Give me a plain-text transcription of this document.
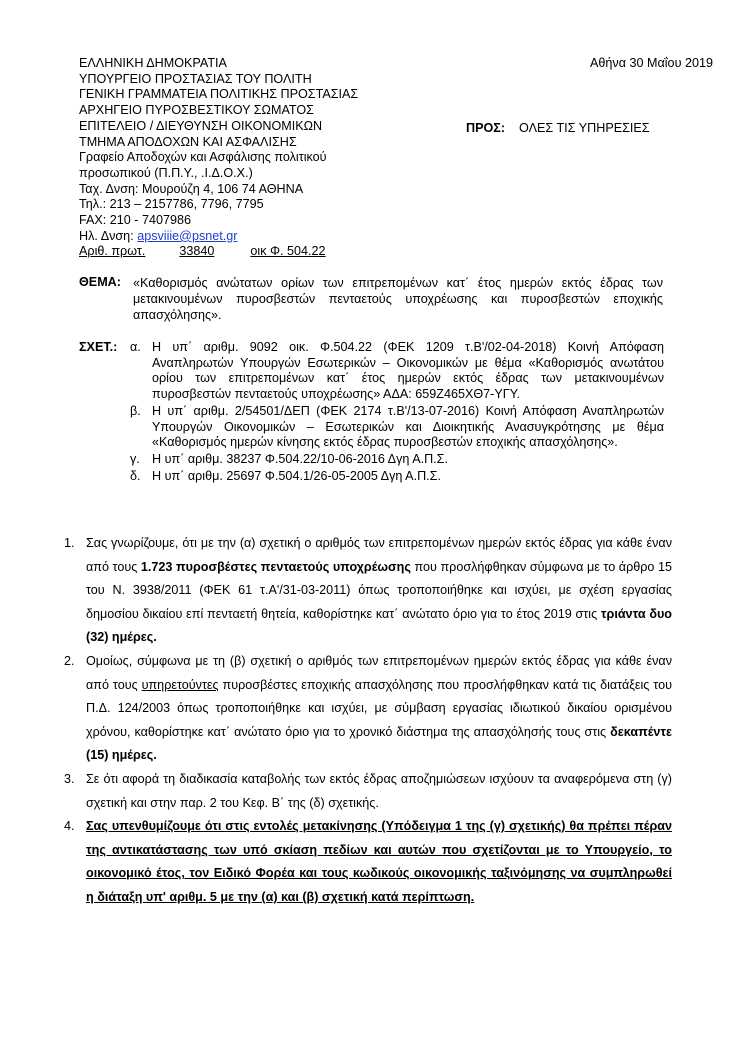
ΕΛΛΗΝΙΚΗ ΔΗΜΟΚΡΑΤΙΑ
ΥΠΟΥΡΓΕΙΟ ΠΡΟΣΤΑΣΙΑΣ ΤΟΥ ΠΟΛΙΤΗ
ΓΕΝΙΚΗ ΓΡΑΜΜΑΤΕΙΑ ΠΟΛΙΤΙΚΗΣ ΠΡΟΣΤΑΣΙΑΣ
ΑΡΧΗΓΕΙΟ ΠΥΡΟΣΒΕΣΤΙΚΟΥ ΣΩΜΑΤΟΣ
ΕΠΙΤΕΛΕΙΟ / ΔΙΕΥΘΥΝΣΗ ΟΙΚΟΝΟΜΙΚΩΝ
ΤΜΗΜΑ ΑΠΟΔΟΧΩΝ ΚΑΙ ΑΣΦΑΛΙΣΗΣ
Γραφείο Αποδοχών και Ασφάλισης πολιτικού
προσωπικού (Π.Π.Υ., .Ι.Δ.Ο.Χ.)
Ταχ. Δνση: Μουρούζη 4, 106 74 ΑΘΗΝΑ
Τηλ.: 213 – 2157786, 7796, 7795
FAX: 210 - 7407986
Ηλ. Δνση: apsviiie@psnet.gr
Αριθ. πρωτ.	33840	οικ Φ. 504.22
Αθήνα 30 Μαΐου 2019
ΠΡΟΣ: ΟΛΕΣ ΤΙΣ ΥΠΗΡΕΣΙΕΣ
ΘΕΜΑ: «Καθορισμός ανώτατων ορίων των επιτρεπομένων κατ΄ έτος ημερών εκτός έδρας των μετακινουμένων πυροσβεστών πενταετούς υποχρέωσης και πυροσβεστών εποχικής απασχόλησης».
ΣΧΕΤ.: α. Η υπ΄ αριθμ. 9092 οικ. Φ.504.22 (ΦΕΚ 1209 τ.Β'/02-04-2018) Κοινή Απόφαση Αναπληρωτών Υπουργών Εσωτερικών – Οικονομικών με θέμα «Καθορισμός ανωτάτου ορίου των επιτρεπομένων κατ΄ έτος ημερών εκτός έδρας των μετακινουμένων πυροσβεστών πενταετούς υποχρέωσης» ΑΔΑ: 659Ζ465ΧΘ7-ΥΓΥ.
β. Η υπ΄ αριθμ. 2/54501/ΔΕΠ (ΦΕΚ 2174 τ.Β'/13-07-2016) Κοινή Απόφαση Αναπληρωτών Υπουργών Οικονομικών – Εσωτερικών και Διοικητικής Ανασυγκρότησης με θέμα «Καθορισμός ημερών κίνησης εκτός έδρας πυροσβεστών εποχικής απασχόλησης».
γ. Η υπ΄ αριθμ. 38237 Φ.504.22/10-06-2016 Δγη Α.Π.Σ.
δ. Η υπ΄ αριθμ. 25697 Φ.504.1/26-05-2005 Δγη Α.Π.Σ.
1. Σας γνωρίζουμε, ότι με την (α) σχετική ο αριθμός των επιτρεπομένων ημερών εκτός έδρας για κάθε έναν από τους 1.723 πυροσβέστες πενταετούς υποχρέωσης που προσλήφθηκαν σύμφωνα με το άρθρο 15 του Ν. 3938/2011 (ΦΕΚ 61 τ.Α'/31-03-2011) όπως τροποποιήθηκε και ισχύει, με σχέση εργασίας δημοσίου δικαίου επί πενταετή θητεία, καθορίστηκε κατ΄ ανώτατο όριο για το έτος 2019 στις τριάντα δυο (32) ημέρες.
2. Ομοίως, σύμφωνα με τη (β) σχετική ο αριθμός των επιτρεπομένων ημερών εκτός έδρας για κάθε έναν από τους υπηρετούντες πυροσβέστες εποχικής απασχόλησης που προσλήφθηκαν κατά τις διατάξεις του Π.Δ. 124/2003 όπως τροποποιήθηκε και ισχύει, με σύμβαση εργασίας ιδιωτικού δικαίου ορισμένου χρόνου, καθορίστηκε κατ΄ ανώτατο όριο για το χρονικό διάστημα της απασχόλησής τους στις δεκαπέντε (15) ημέρες.
3. Σε ότι αφορά τη διαδικασία καταβολής των εκτός έδρας αποζημιώσεων ισχύουν τα αναφερόμενα στη (γ) σχετική και στην παρ. 2 του Κεφ. Β΄ της (δ) σχετικής.
4. Σας υπενθυμίζουμε ότι στις εντολές μετακίνησης (Υπόδειγμα 1 της (γ) σχετικής) θα πρέπει πέραν της αντικατάστασης των υπό σκίαση πεδίων και αυτών που σχετίζονται με το Υπουργείο, το οικονομικό έτος, τον Ειδικό Φορέα και τους κωδικούς οικονομικής ταξινόμησης να συμπληρωθεί η διάταξη υπ' αριθμ. 5 με την (α) και (β) σχετική κατά περίπτωση.
